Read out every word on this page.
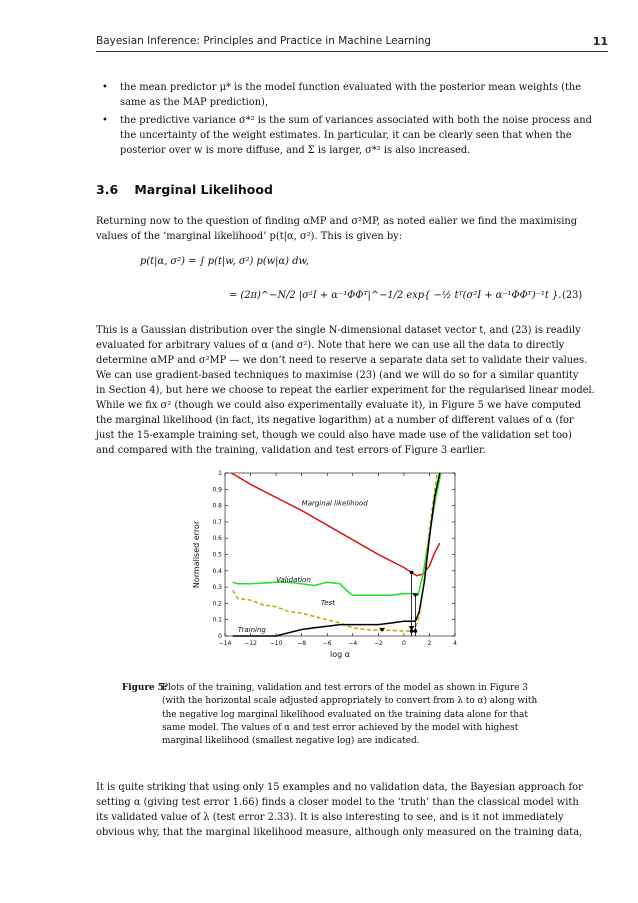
Bayesian Inference: Principles and Practice in Machine Learning	11
• the mean predictor μ* is the model function evaluated with the posterior mean weights (the
same as the MAP prediction),
• the predictive variance σ*² is the sum of variances associated with both the noise process and
the uncertainty of the weight estimates. In particular, it can be clearly seen that when the
posterior over w is more diffuse, and Σ is larger, σ*² is also increased.
3.6 Marginal Likelihood
Returning now to the question of finding αMP and σ²MP, as noted ealier we find the maximising
values of the ‘marginal likelihood’ p(t|α, σ²). This is given by:
p(t|α, σ²) = ∫ p(t|w, σ²) p(w|α) dw,
= (2π)^−N/2 |σ²I + α⁻¹ΦΦᵀ|^−1/2 exp{ −½ tᵀ(σ²I + α⁻¹ΦΦᵀ)⁻¹t }. (23)
This is a Gaussian distribution over the single N-dimensional dataset vector t, and (23) is readily
evaluated for arbitrary values of α (and σ²). Note that here we can use all the data to directly
determine αMP and σ²MP — we don’t need to reserve a separate data set to validate their values.
We can use gradient-based techniques to maximise (23) (and we will do so for a similar quantity
in Section 4), but here we choose to repeat the earlier experiment for the regularised linear model.
While we fix σ² (though we could also experimentally evaluate it), in Figure 5 we have computed
the marginal likelihood (in fact, its negative logarithm) at a number of different values of α (for
just the 15-example training set, though we could also have made use of the validation set too)
and compared with the training, validation and test errors of Figure 3 earlier.
−14 −12 −10 −8	−6	−4	−2	0	2	4
0
0.1
0.2
0.3
0.4
0.5
0.6
0.7
0.8
0.9
1
log α
Normalised error
Marginal likelihood
Validation
Test
Training
Figure 5:
Plots of the training, validation and test errors of the model as shown in Figure 3
(with the horizontal scale adjusted appropriately to convert from λ to α) along with
the negative log marginal likelihood evaluated on the training data alone for that
same model. The values of α and test error achieved by the model with highest
marginal likelihood (smallest negative log) are indicated.
It is quite striking that using only 15 examples and no validation data, the Bayesian approach for
setting α (giving test error 1.66) finds a closer model to the ‘truth’ than the classical model with
its validated value of λ (test error 2.33). It is also interesting to see, and is it not immediately
obvious why, that the marginal likelihood measure, although only measured on the training data,
